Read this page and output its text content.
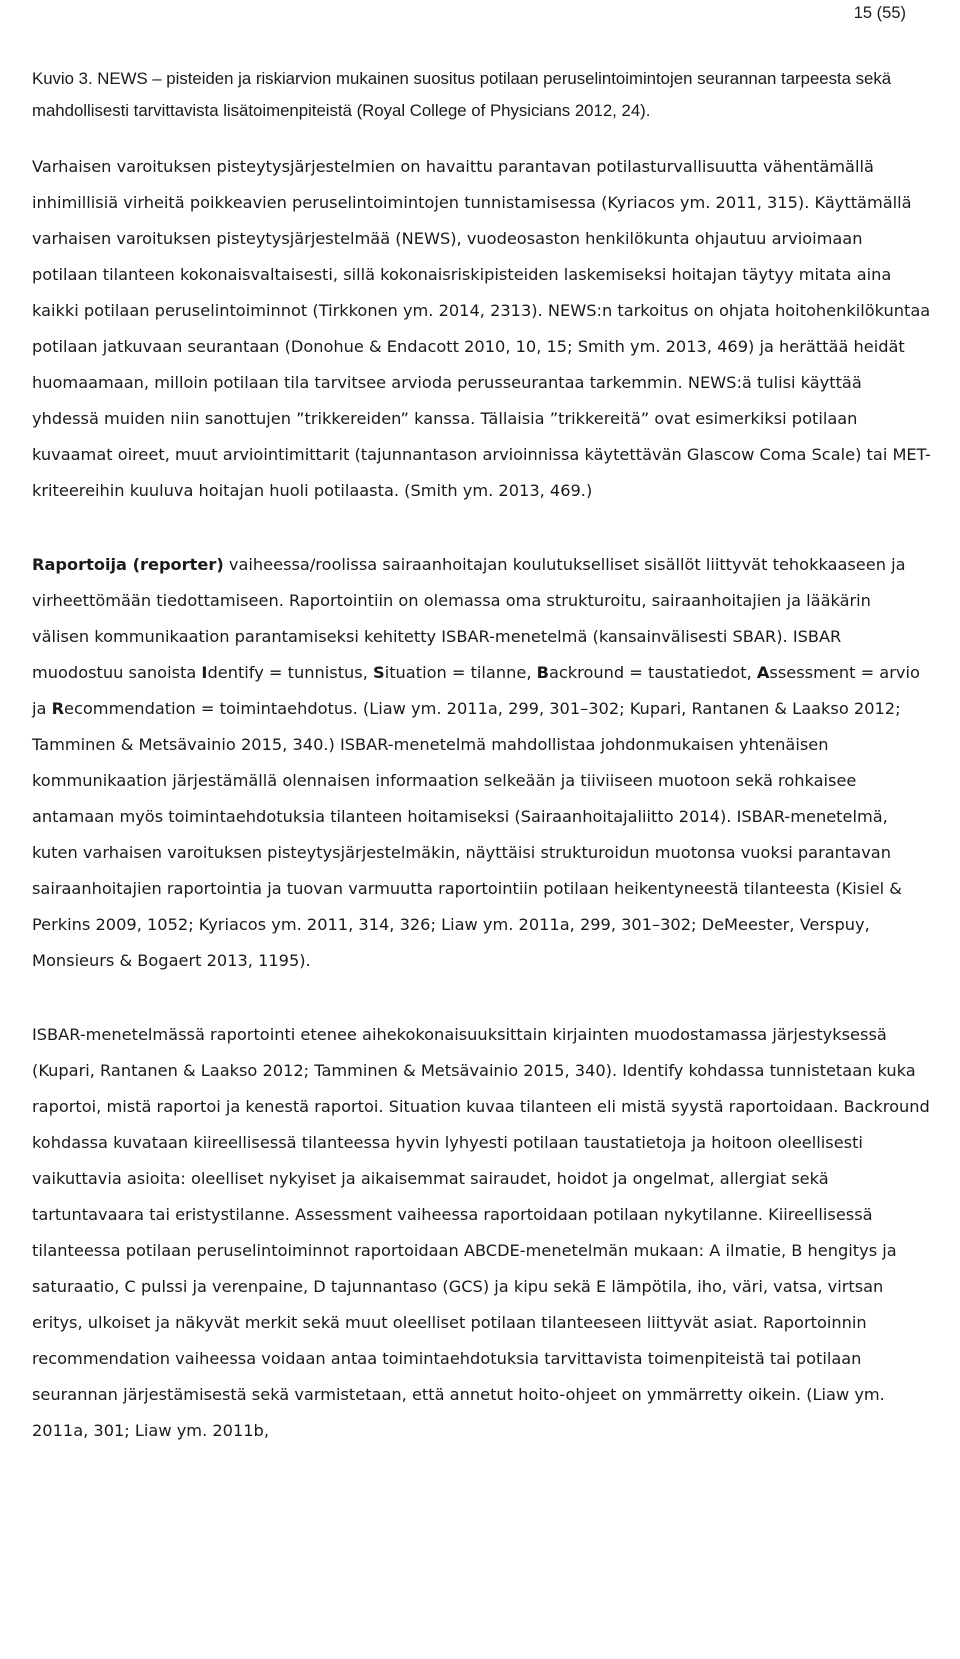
15 (55)

Kuvio 3. NEWS – pisteiden ja riskiarvion mukainen suositus potilaan peruselintoimintojen seurannan tarpeesta sekä mahdollisesti tarvittavista lisätoimenpiteistä (Royal College of Physicians 2012, 24).

Varhaisen varoituksen pisteytysjärjestelmien on havaittu parantavan potilasturvallisuutta vähentämällä inhimillisiä virheitä poikkeavien peruselintoimintojen tunnistamisessa (Kyriacos ym. 2011, 315). Käyttämällä varhaisen varoituksen pisteytysjärjestelmää (NEWS), vuodeosaston henkilökunta ohjautuu arvioimaan potilaan tilanteen kokonaisvaltaisesti, sillä kokonaisriskipisteiden laskemiseksi hoitajan täytyy mitata aina kaikki potilaan peruselintoiminnot (Tirkkonen ym. 2014, 2313). NEWS:n tarkoitus on ohjata hoitohenkilökuntaa potilaan jatkuvaan seurantaan (Donohue & Endacott 2010, 10, 15; Smith ym. 2013, 469) ja herättää heidät huomaamaan, milloin potilaan tila tarvitsee arvioda perusseurantaa tarkemmin. NEWS:ä tulisi käyttää yhdessä muiden niin sanottujen ”trikkereiden” kanssa. Tällaisia ”trikkereitä” ovat esimerkiksi potilaan kuvaamat oireet, muut arviointimittarit (tajunnantason arvioinnissa käytettävän Glascow Coma Scale) tai MET-kriteereihin kuuluva hoitajan huoli potilaasta. (Smith ym. 2013, 469.)

Raportoija (reporter) vaiheessa/roolissa sairaanhoitajan koulutukselliset sisällöt liittyvät tehokkaaseen ja virheettömään tiedottamiseen. Raportointiin on olemassa oma strukturoitu, sairaanhoitajien ja lääkärin välisen kommunikaation parantamiseksi kehitetty ISBAR-menetelmä (kansainvälisesti SBAR). ISBAR muodostuu sanoista Identify = tunnistus, Situation = tilanne, Backround = taustatiedot, Assessment = arvio ja Recommendation = toimintaehdotus. (Liaw ym. 2011a, 299, 301–302; Kupari, Rantanen & Laakso 2012; Tamminen & Metsävainio 2015, 340.) ISBAR-menetelmä mahdollistaa johdonmukaisen yhtenäisen kommunikaation järjestämällä olennaisen informaation selkeään ja tiiviiseen muotoon sekä rohkaisee antamaan myös toimintaehdotuksia tilanteen hoitamiseksi (Sairaanhoitajaliitto 2014). ISBAR-menetelmä, kuten varhaisen varoituksen pisteytysjärjestelmäkin, näyttäisi strukturoidun muotonsa vuoksi parantavan sairaanhoitajien raportointia ja tuovan varmuutta raportointiin potilaan heikentyneestä tilanteesta (Kisiel & Perkins 2009, 1052; Kyriacos ym. 2011, 314, 326; Liaw ym. 2011a, 299, 301–302; DeMeester, Verspuy, Monsieurs & Bogaert 2013, 1195).

ISBAR-menetelmässä raportointi etenee aihekokonaisuuksittain kirjainten muodostamassa järjestyksessä (Kupari, Rantanen & Laakso 2012; Tamminen & Metsävainio 2015, 340). Identify kohdassa tunnistetaan kuka raportoi, mistä raportoi ja kenestä raportoi. Situation kuvaa tilanteen eli mistä syystä raportoidaan. Backround kohdassa kuvataan kiireellisessä tilanteessa hyvin lyhyesti potilaan taustatietoja ja hoitoon oleellisesti vaikuttavia asioita: oleelliset nykyiset ja aikaisemmat sairaudet, hoidot ja ongelmat, allergiat sekä tartuntavaara tai eristystilanne. Assessment vaiheessa raportoidaan potilaan nykytilanne. Kiireellisessä tilanteessa potilaan peruselintoiminnot raportoidaan ABCDE-menetelmän mukaan: A ilmatie, B hengitys ja saturaatio, C pulssi ja verenpaine, D tajunnantaso (GCS) ja kipu sekä E lämpötila, iho, väri, vatsa, virtsan eritys, ulkoiset ja näkyvät merkit sekä muut oleelliset potilaan tilanteeseen liittyvät asiat. Raportoinnin recommendation vaiheessa voidaan antaa toimintaehdotuksia tarvittavista toimenpiteistä tai potilaan seurannan järjestämisestä sekä varmistetaan, että annetut hoito-ohjeet on ymmärretty oikein. (Liaw ym. 2011a, 301; Liaw ym. 2011b,
